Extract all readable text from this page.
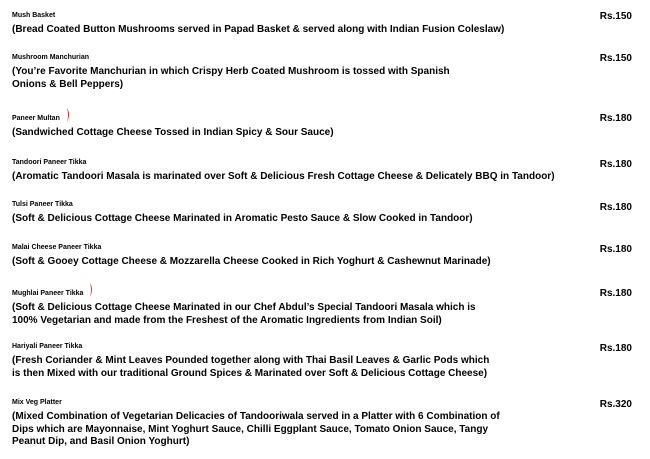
Mush Basket	Rs.150
(Bread Coated Button Mushrooms served in Papad Basket & served along with Indian Fusion Coleslaw)
Mushroom Manchurian	Rs.150
(You’re Favorite Manchurian in which Crispy Herb Coated Mushroom is tossed with Spanish
Onions & Bell Peppers)
Paneer Multan	Rs.180
(Sandwiched Cottage Cheese Tossed in Indian Spicy & Sour Sauce)
Tandoori Paneer Tikka	Rs.180
(Aromatic Tandoori Masala is marinated over Soft & Delicious Fresh Cottage Cheese & Delicately BBQ in Tandoor)
Tulsi Paneer Tikka	Rs.180
(Soft & Delicious Cottage Cheese Marinated in Aromatic Pesto Sauce & Slow Cooked in Tandoor)
Malai Cheese Paneer Tikka	Rs.180
(Soft & Gooey Cottage Cheese & Mozzarella Cheese Cooked in Rich Yoghurt & Cashewnut Marinade)
Mughlai Paneer Tikka	Rs.180
(Soft & Delicious Cottage Cheese Marinated in our Chef Abdul’s Special Tandoori Masala which is
100% Vegetarian and made from the Freshest of the Aromatic Ingredients from Indian Soil)
Hariyali Paneer Tikka	Rs.180
(Fresh Coriander & Mint Leaves Pounded together along with Thai Basil Leaves & Garlic Pods which
is then Mixed with our traditional Ground Spices & Marinated over Soft & Delicious Cottage Cheese)
Mix Veg Platter	Rs.320
(Mixed Combination of Vegetarian Delicacies of Tandooriwala served in a Platter with 6 Combination of
Dips which are Mayonnaise, Mint Yoghurt Sauce, Chilli Eggplant Sauce, Tomato Onion Sauce, Tangy
Peanut Dip, and Basil Onion Yoghurt)
